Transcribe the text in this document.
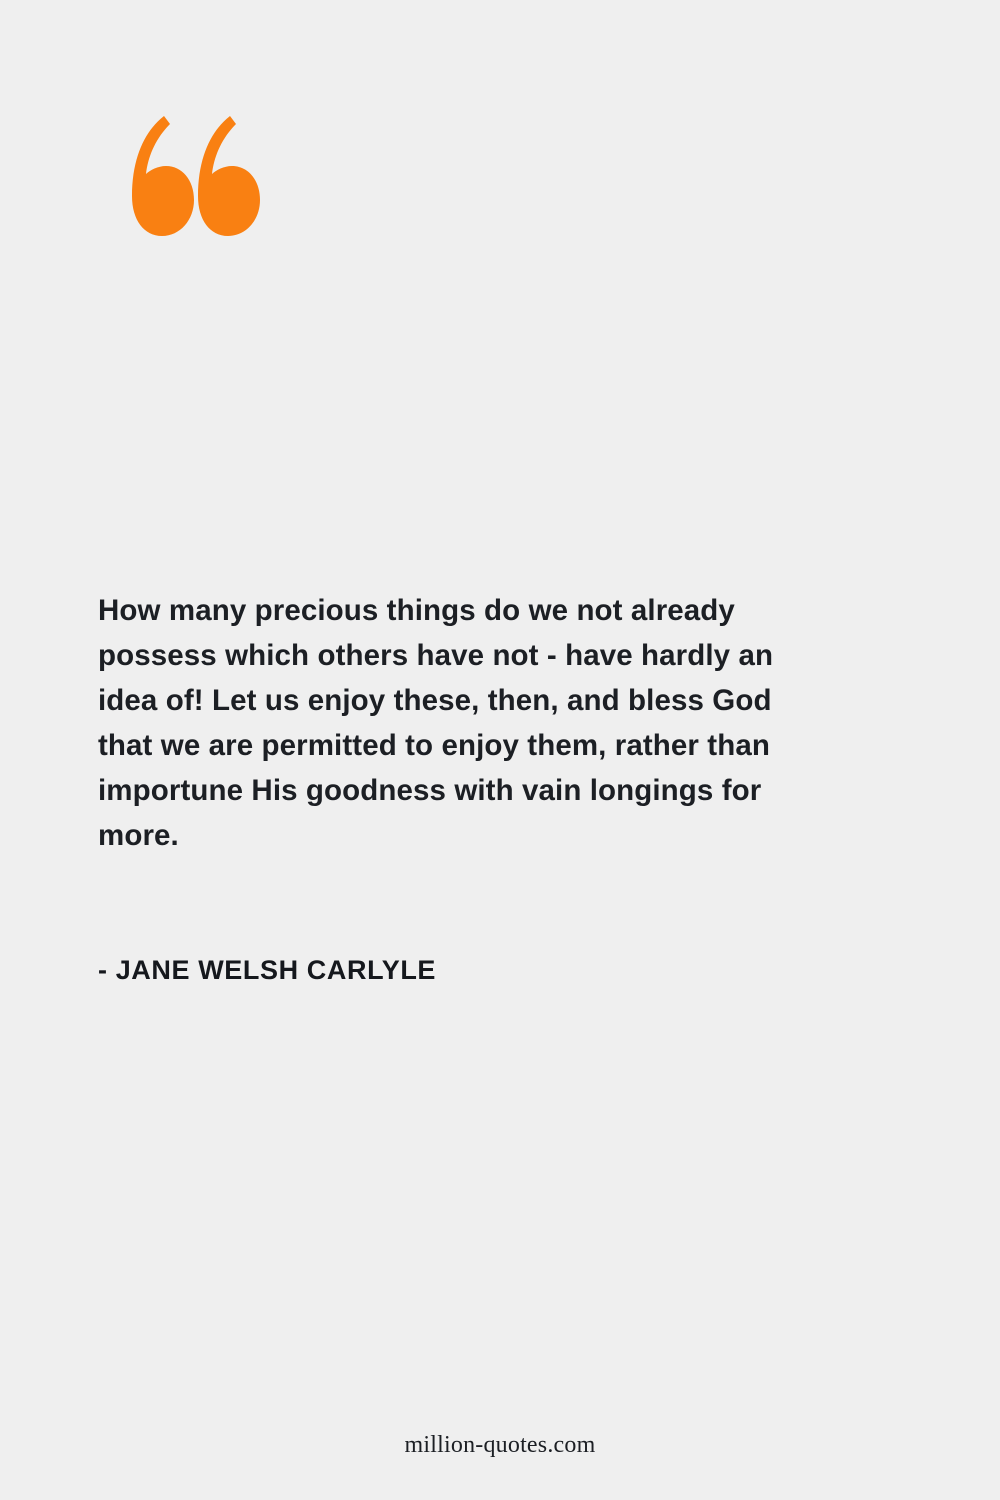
How many precious things do we not already possess which others have not - have hardly an idea of! Let us enjoy these, then, and bless God that we are permitted to enjoy them, rather than importune His goodness with vain longings for more.

- JANE WELSH CARLYLE

million-quotes.com
